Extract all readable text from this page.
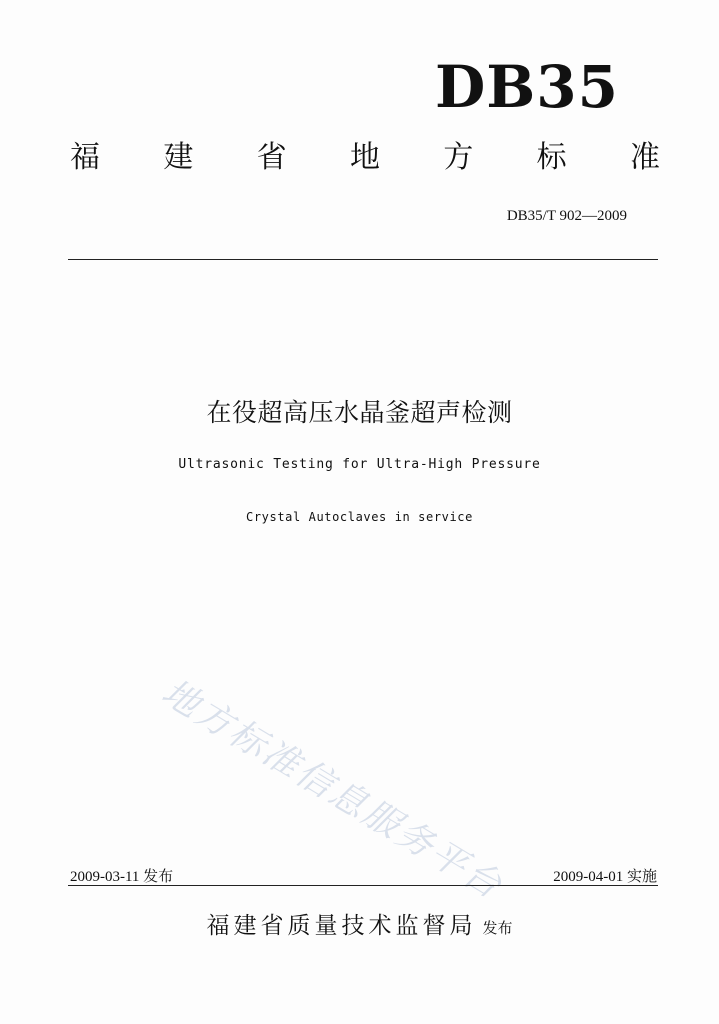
DB35
福 建 省 地 方 标 准
DB35/T 902—2009
在役超高压水晶釜超声检测
Ultrasonic Testing for Ultra-High Pressure
Crystal Autoclaves in service
地方标准信息服务平台
2009-03-11 发布	2009-04-01 实施
福建省质量技术监督局 发布
